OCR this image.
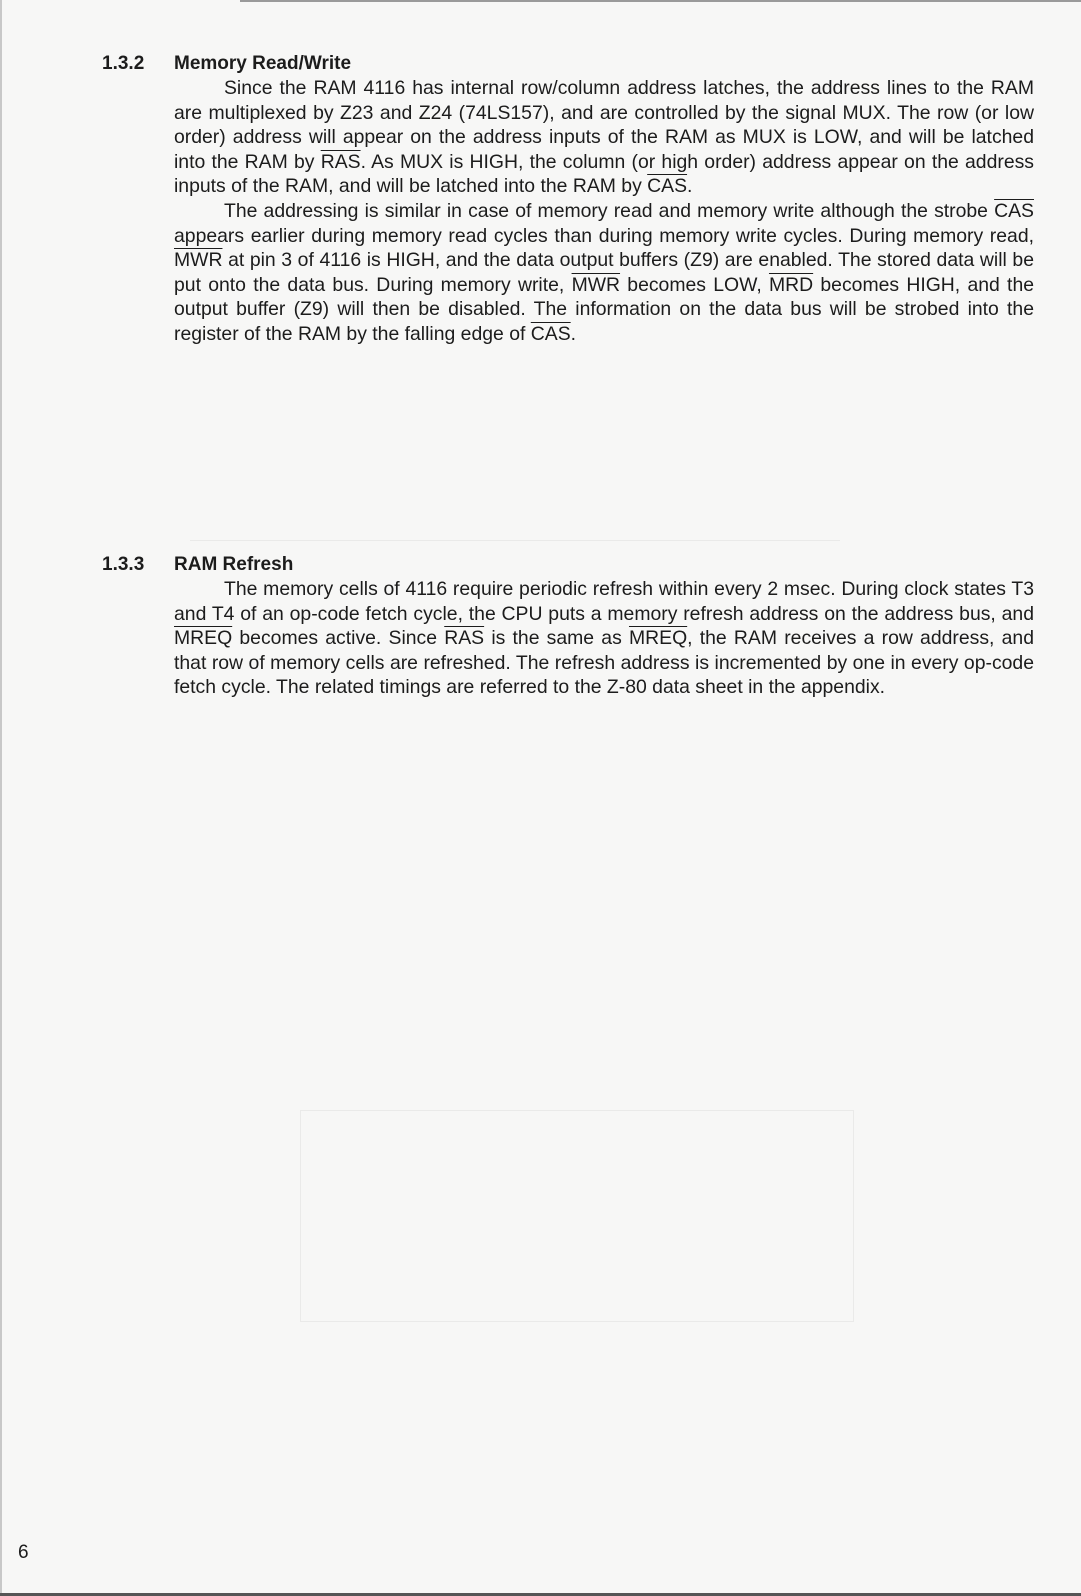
1.3.2 Memory Read/Write

Since the RAM 4116 has internal row/column address latches, the address lines to the RAM are multiplexed by Z23 and Z24 (74LS157), and are controlled by the signal MUX. The row (or low order) address will appear on the address inputs of the RAM as MUX is LOW, and will be latched into the RAM by $\overline{RAS}$. As MUX is HIGH, the column (or high order) address appear on the address inputs of the RAM, and will be latched into the RAM by $\overline{CAS}$.

The addressing is similar in case of memory read and memory write although the strobe $\overline{CAS}$ appears earlier during memory read cycles than during memory write cycles. During memory read, $\overline{MWR}$ at pin 3 of 4116 is HIGH, and the data output buffers (Z9) are enabled. The stored data will be put onto the data bus. During memory write, $\overline{MWR}$ becomes LOW, $\overline{MRD}$ becomes HIGH, and the output buffer (Z9) will then be disabled. The information on the data bus will be strobed into the register of the RAM by the falling edge of $\overline{CAS}$.

1.3.3 RAM Refresh

The memory cells of 4116 require periodic refresh within every 2 msec. During clock states T3 and T4 of an op-code fetch cycle, the CPU puts a memory refresh address on the address bus, and MREQ becomes active. Since $\overline{RAS}$ is the same as MREQ, the RAM receives a row address, and that row of memory cells are refreshed. The refresh address is incremented by one in every op-code fetch cycle. The related timings are referred to the Z-80 data sheet in the appendix.

6
